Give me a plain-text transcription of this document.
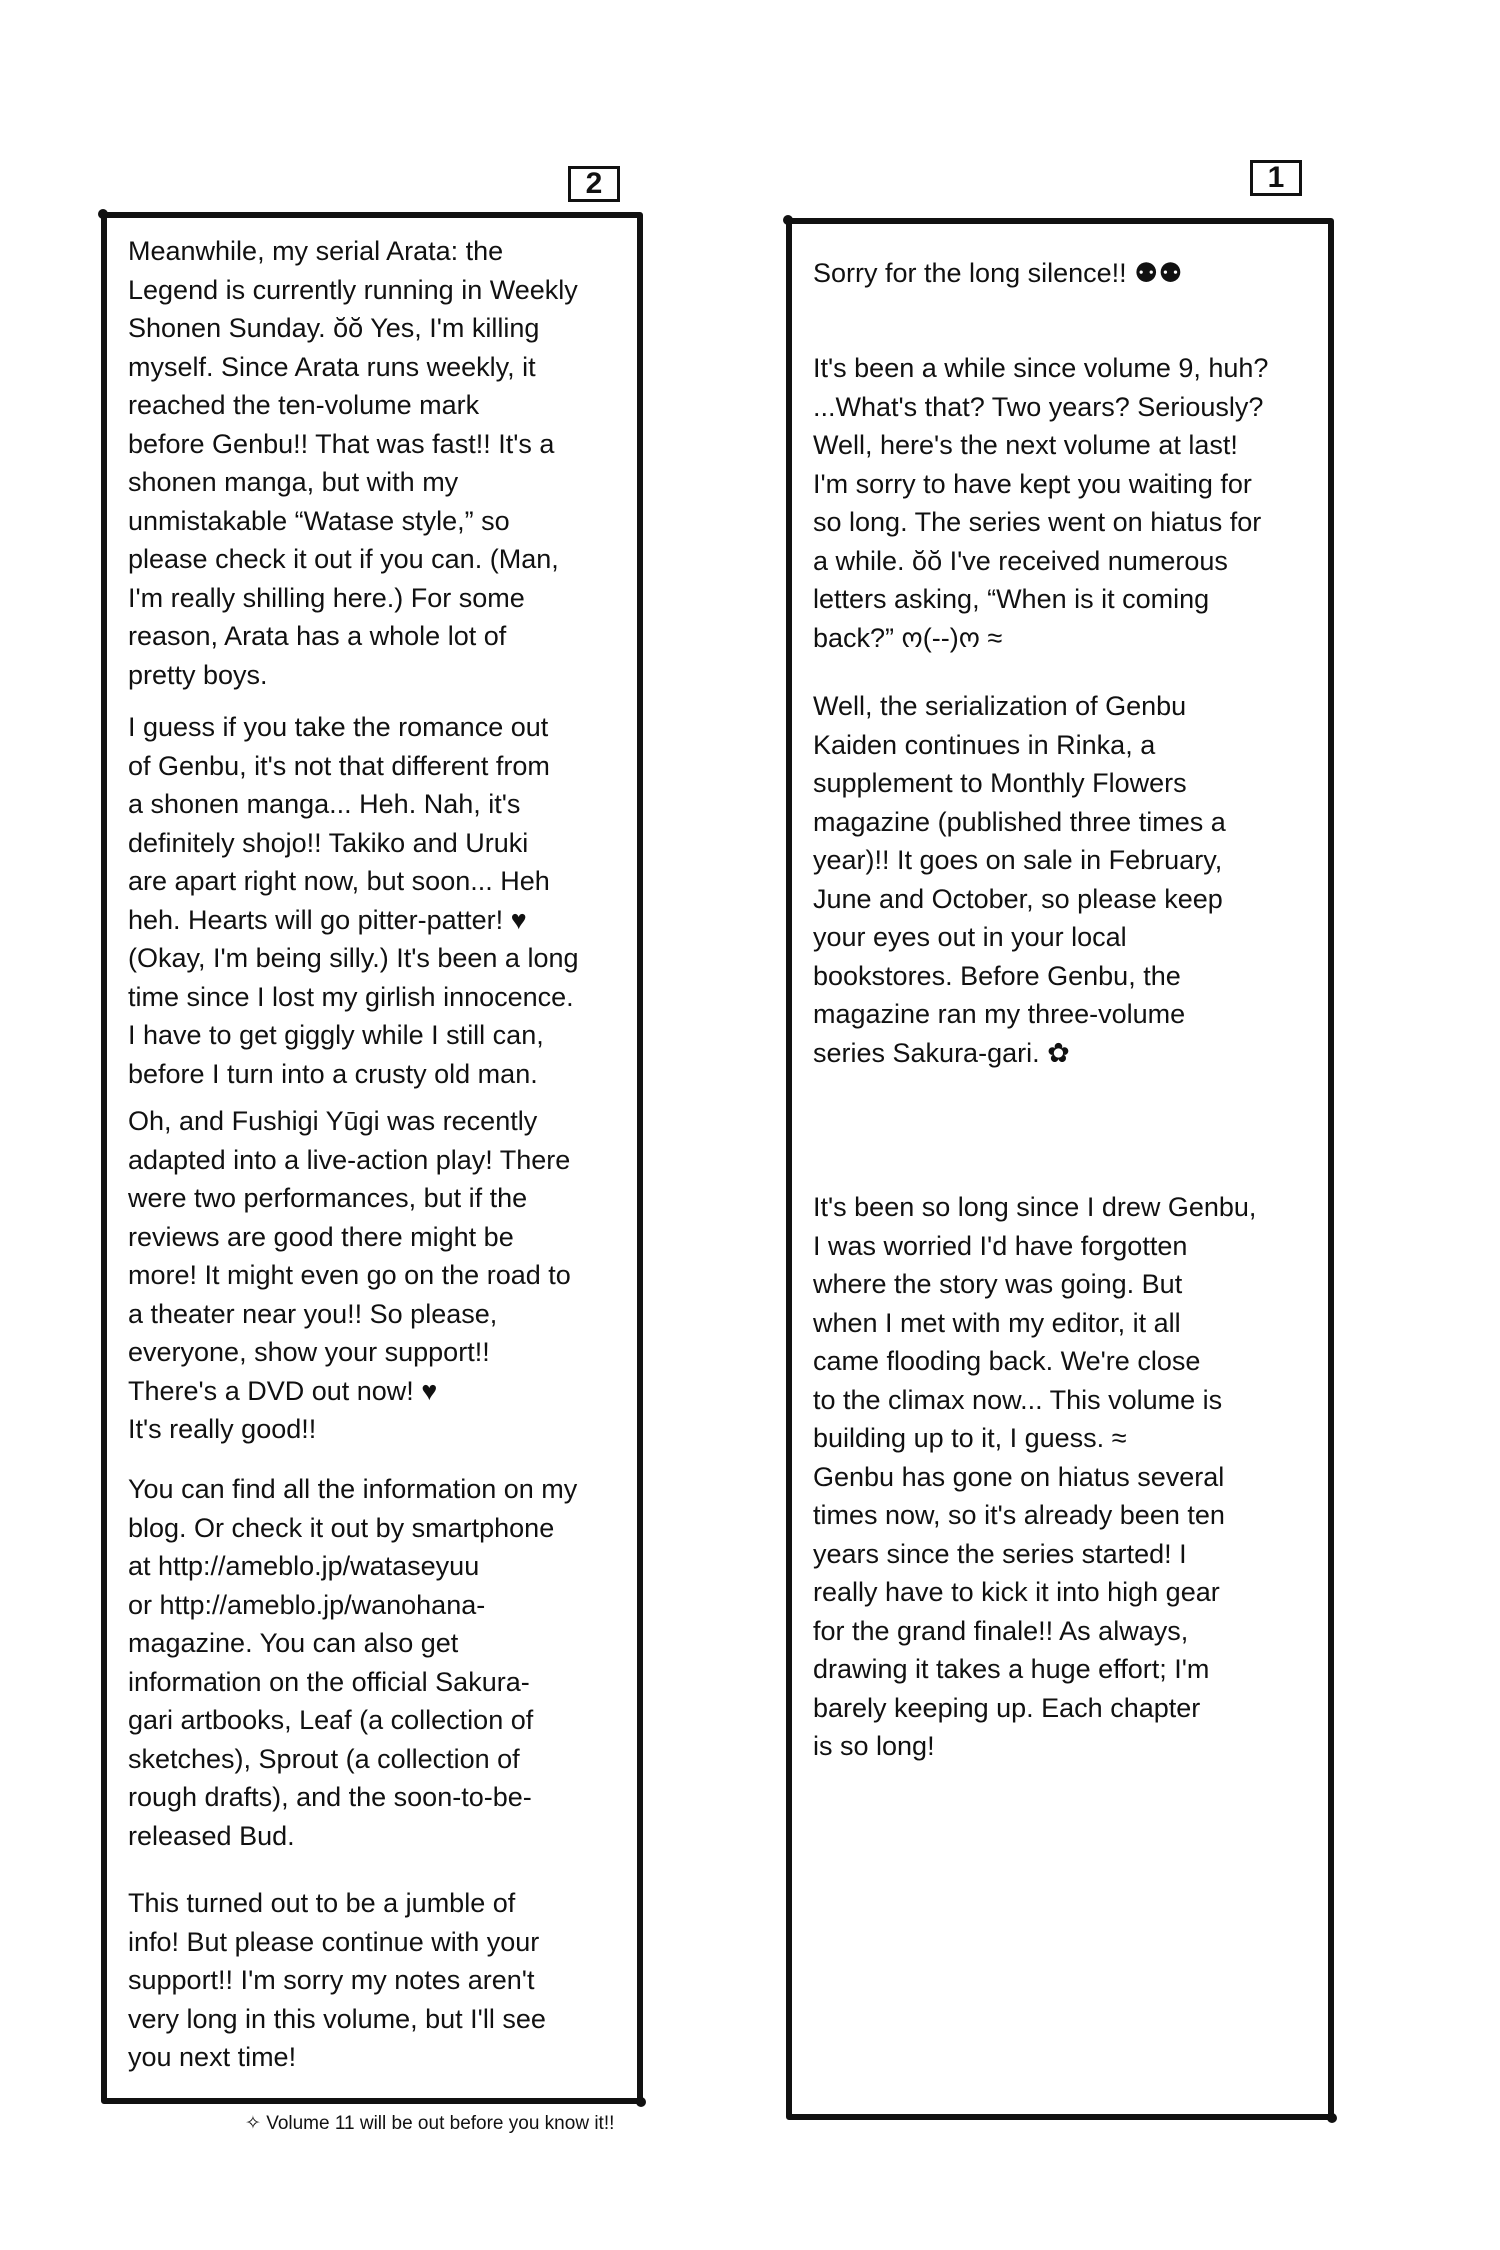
2	1
Meanwhile, my serial Arata: the
Legend is currently running in Weekly
Shonen Sunday. ŏŏ Yes, I'm killing
myself. Since Arata runs weekly, it
reached the ten-volume mark
before Genbu!! That was fast!! It's a
shonen manga, but with my
unmistakable “Watase style,” so
please check it out if you can. (Man,
I'm really shilling here.) For some
reason, Arata has a whole lot of
pretty boys.
I guess if you take the romance out
of Genbu, it's not that different from
a shonen manga... Heh. Nah, it's
definitely shojo!! Takiko and Uruki
are apart right now, but soon... Heh
heh. Hearts will go pitter-patter! ♥
(Okay, I'm being silly.) It's been a long
time since I lost my girlish innocence.
I have to get giggly while I still can,
before I turn into a crusty old man.
Oh, and Fushigi Yūgi was recently
adapted into a live-action play! There
were two performances, but if the
reviews are good there might be
more! It might even go on the road to
a theater near you!! So please,
everyone, show your support!!
There's a DVD out now! ♥
It's really good!!
You can find all the information on my
blog. Or check it out by smartphone
at http://ameblo.jp/wataseyuu
or http://ameblo.jp/wanohana-
magazine. You can also get
information on the official Sakura-
gari artbooks, Leaf (a collection of
sketches), Sprout (a collection of
rough drafts), and the soon-to-be-
released Bud.
This turned out to be a jumble of
info! But please continue with your
support!! I'm sorry my notes aren't
very long in this volume, but I'll see
you next time!
Sorry for the long silence!! ⚉⚉
It's been a while since volume 9, huh?
...What's that? Two years? Seriously?
Well, here's the next volume at last!
I'm sorry to have kept you waiting for
so long. The series went on hiatus for
a while. ŏŏ I've received numerous
letters asking, “When is it coming
back?” ო(--)ო ≈
Well, the serialization of Genbu
Kaiden continues in Rinka, a
supplement to Monthly Flowers
magazine (published three times a
year)!! It goes on sale in February,
June and October, so please keep
your eyes out in your local
bookstores. Before Genbu, the
magazine ran my three-volume
series Sakura-gari. ✿
It's been so long since I drew Genbu,
I was worried I'd have forgotten
where the story was going. But
when I met with my editor, it all
came flooding back. We're close
to the climax now... This volume is
building up to it, I guess. ≈
Genbu has gone on hiatus several
times now, so it's already been ten
years since the series started! I
really have to kick it into high gear
for the grand finale!! As always,
drawing it takes a huge effort; I'm
barely keeping up. Each chapter
is so long!
✧ Volume 11 will be out before you know it!!
